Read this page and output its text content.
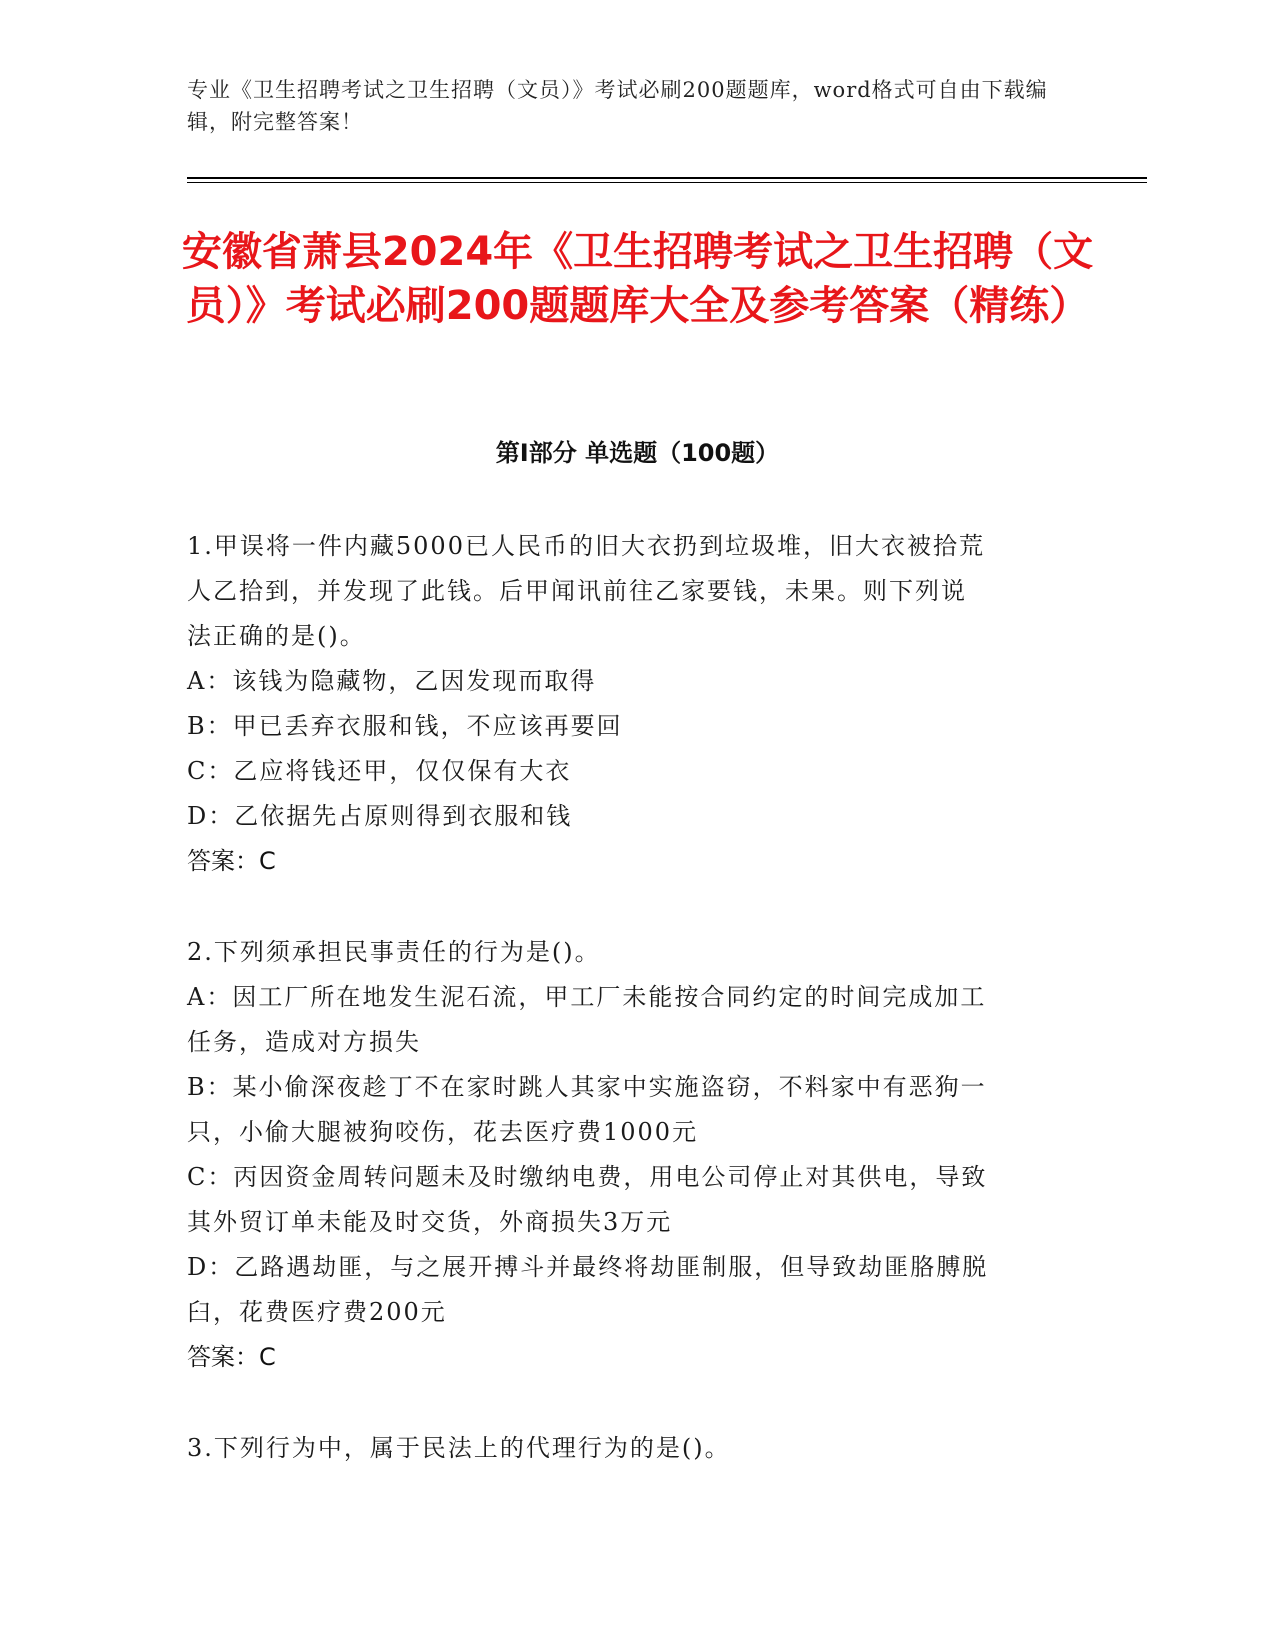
专业《卫生招聘考试之卫生招聘（文员）》考试必刷200题题库，word格式可自由下载编辑，附完整答案！

安徽省萧县2024年《卫生招聘考试之卫生招聘（文员）》考试必刷200题题库大全及参考答案（精练）
第Ⅰ部分 单选题（100题）

1.甲误将一件内藏5000已人民币的旧大衣扔到垃圾堆，旧大衣被拾荒

人乙拾到，并发现了此钱。后甲闻讯前往乙家要钱，未果。则下列说

法正确的是()。

A：该钱为隐藏物，乙因发现而取得

B：甲已丢弃衣服和钱，不应该再要回

C：乙应将钱还甲，仅仅保有大衣

D：乙依据先占原则得到衣服和钱

答案：C

2.下列须承担民事责任的行为是()。

A：因工厂所在地发生泥石流，甲工厂未能按合同约定的时间完成加工

任务，造成对方损失

B：某小偷深夜趁丁不在家时跳人其家中实施盗窃，不料家中有恶狗一

只，小偷大腿被狗咬伤，花去医疗费1000元

C：丙因资金周转问题未及时缴纳电费，用电公司停止对其供电，导致

其外贸订单未能及时交货，外商损失3万元

D：乙路遇劫匪，与之展开搏斗并最终将劫匪制服，但导致劫匪胳膊脱

臼，花费医疗费200元

答案：C

3.下列行为中，属于民法上的代理行为的是()。
